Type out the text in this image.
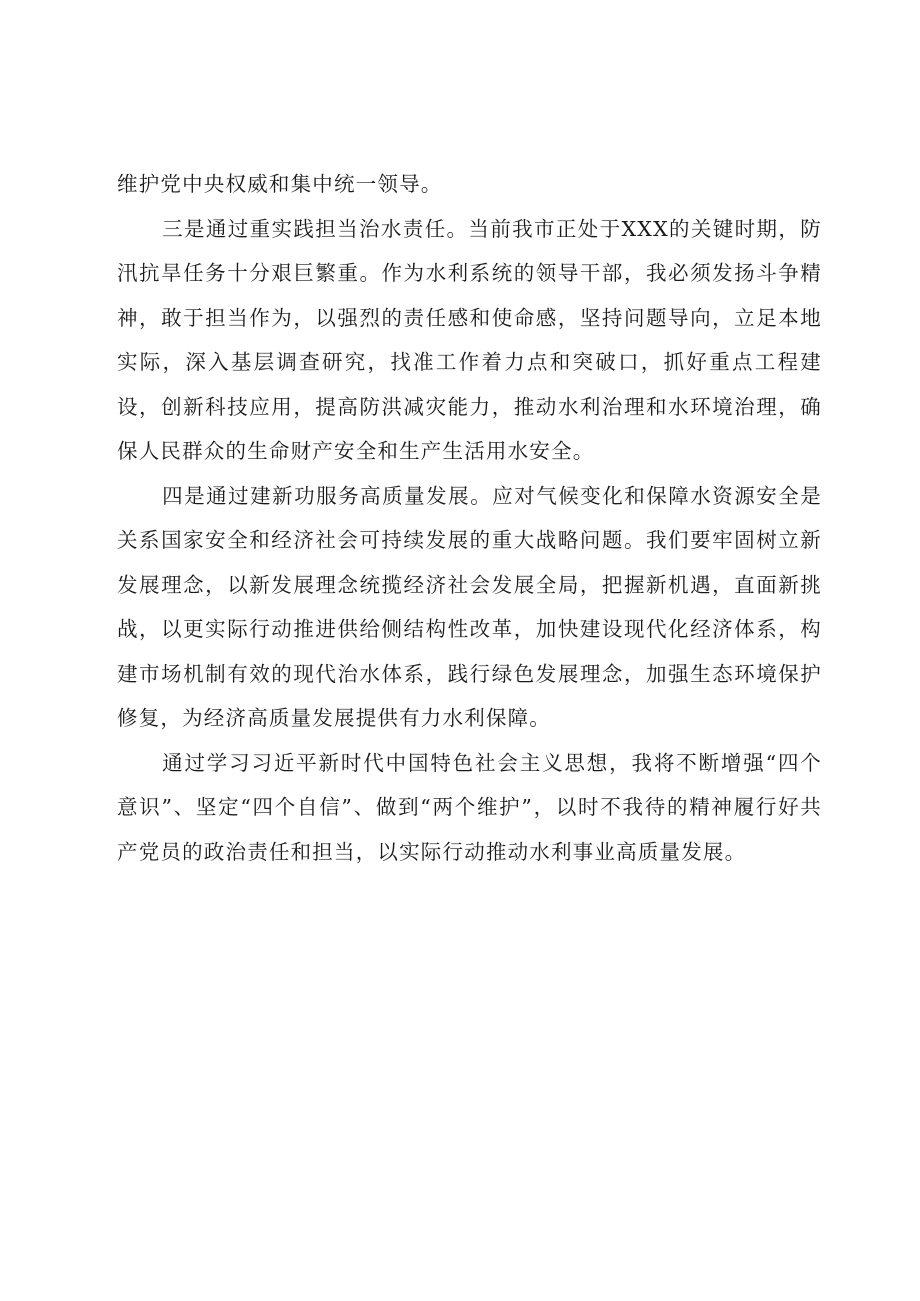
维护党中央权威和集中统一领导。

三是通过重实践担当治水责任。当前我市正处于XXX的关键时期，防汛抗旱任务十分艰巨繁重。作为水利系统的领导干部，我必须发扬斗争精神，敢于担当作为，以强烈的责任感和使命感，坚持问题导向，立足本地实际，深入基层调查研究，找准工作着力点和突破口，抓好重点工程建设，创新科技应用，提高防洪减灾能力，推动水利治理和水环境治理，确保人民群众的生命财产安全和生产生活用水安全。

四是通过建新功服务高质量发展。应对气候变化和保障水资源安全是关系国家安全和经济社会可持续发展的重大战略问题。我们要牢固树立新发展理念，以新发展理念统揽经济社会发展全局，把握新机遇，直面新挑战，以更实际行动推进供给侧结构性改革，加快建设现代化经济体系，构建市场机制有效的现代治水体系，践行绿色发展理念，加强生态环境保护修复，为经济高质量发展提供有力水利保障。

通过学习习近平新时代中国特色社会主义思想，我将不断增强“四个意识”、坚定“四个自信”、做到“两个维护”，以时不我待的精神履行好共产党员的政治责任和担当，以实际行动推动水利事业高质量发展。
